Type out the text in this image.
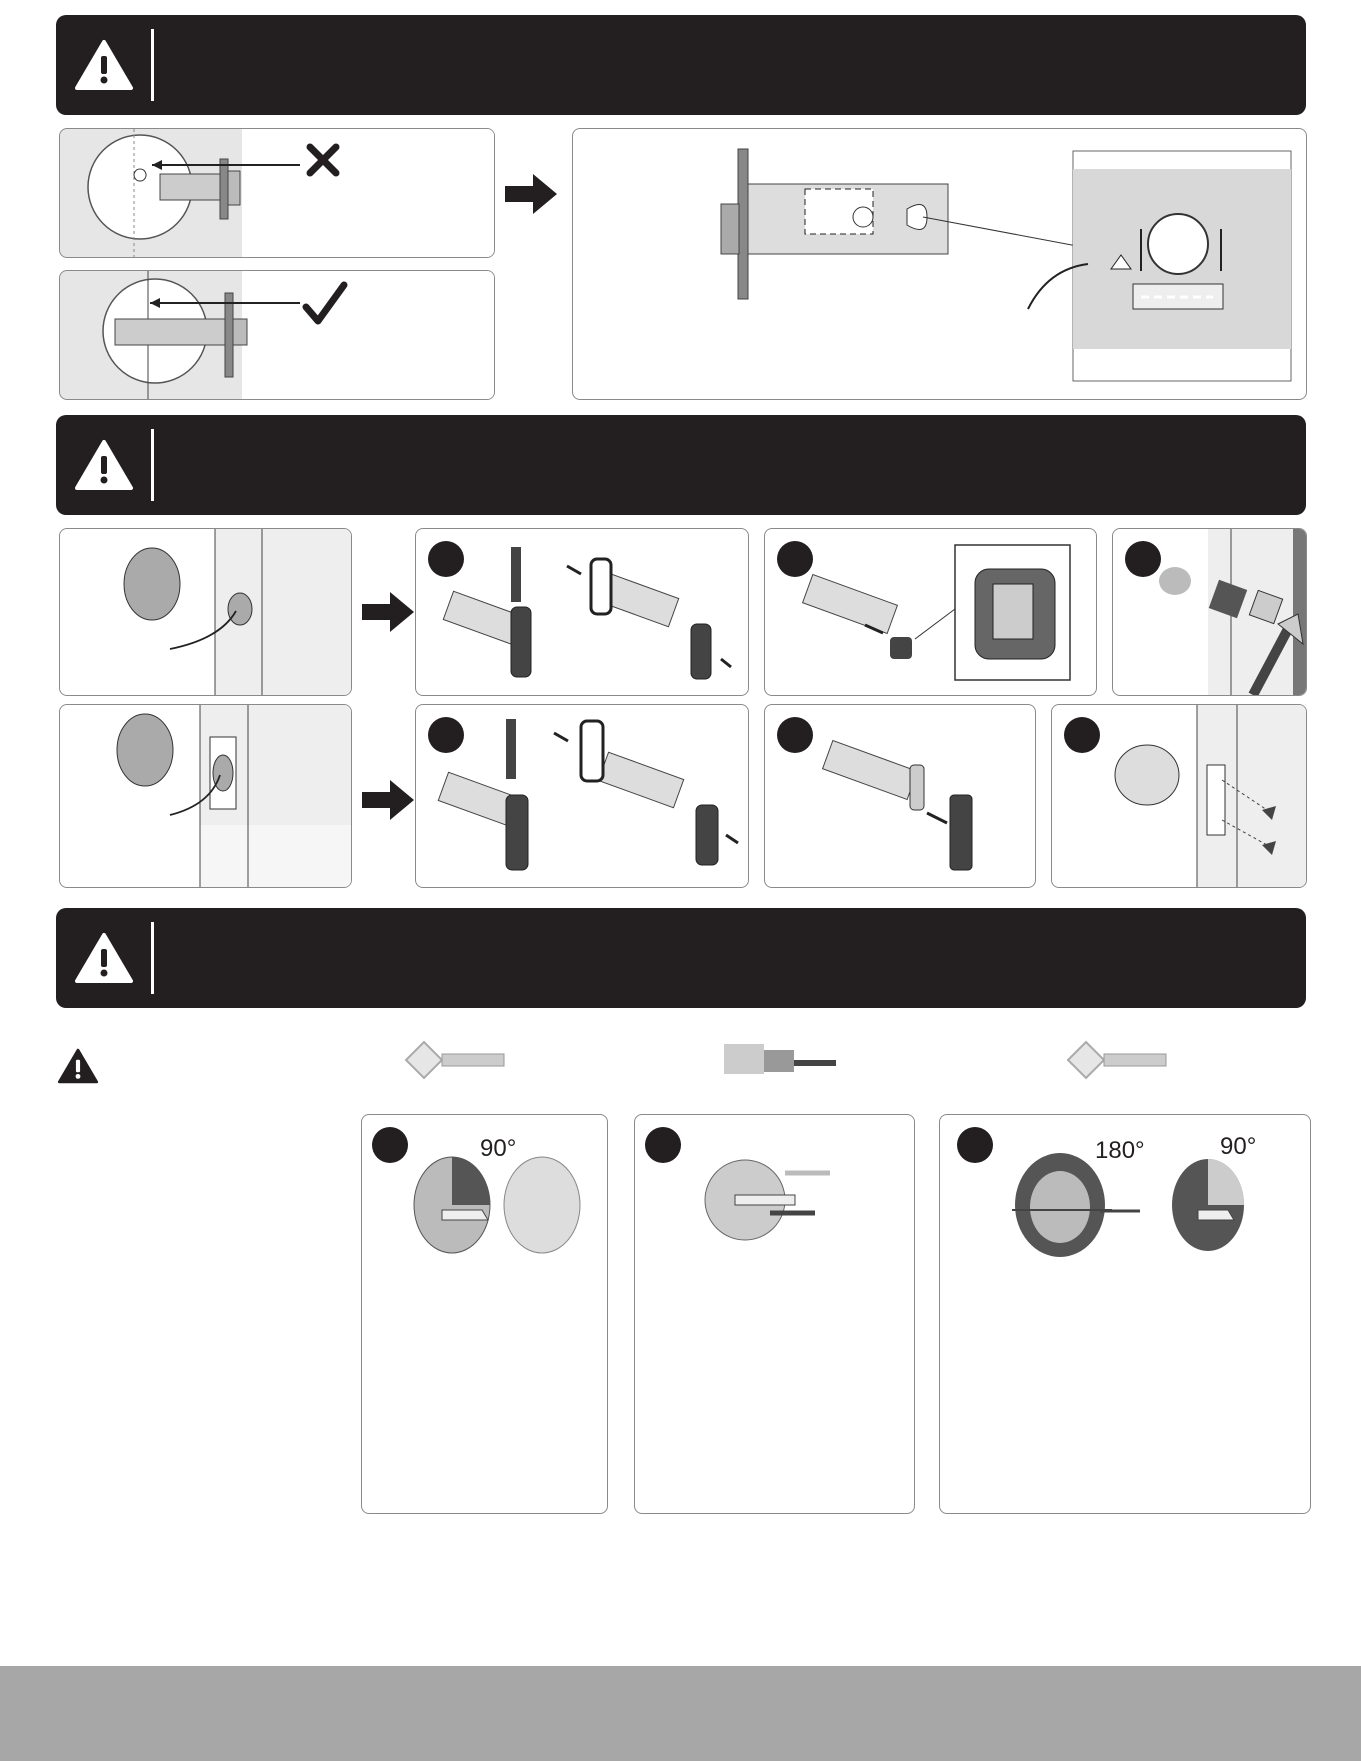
90°	180°	90°
